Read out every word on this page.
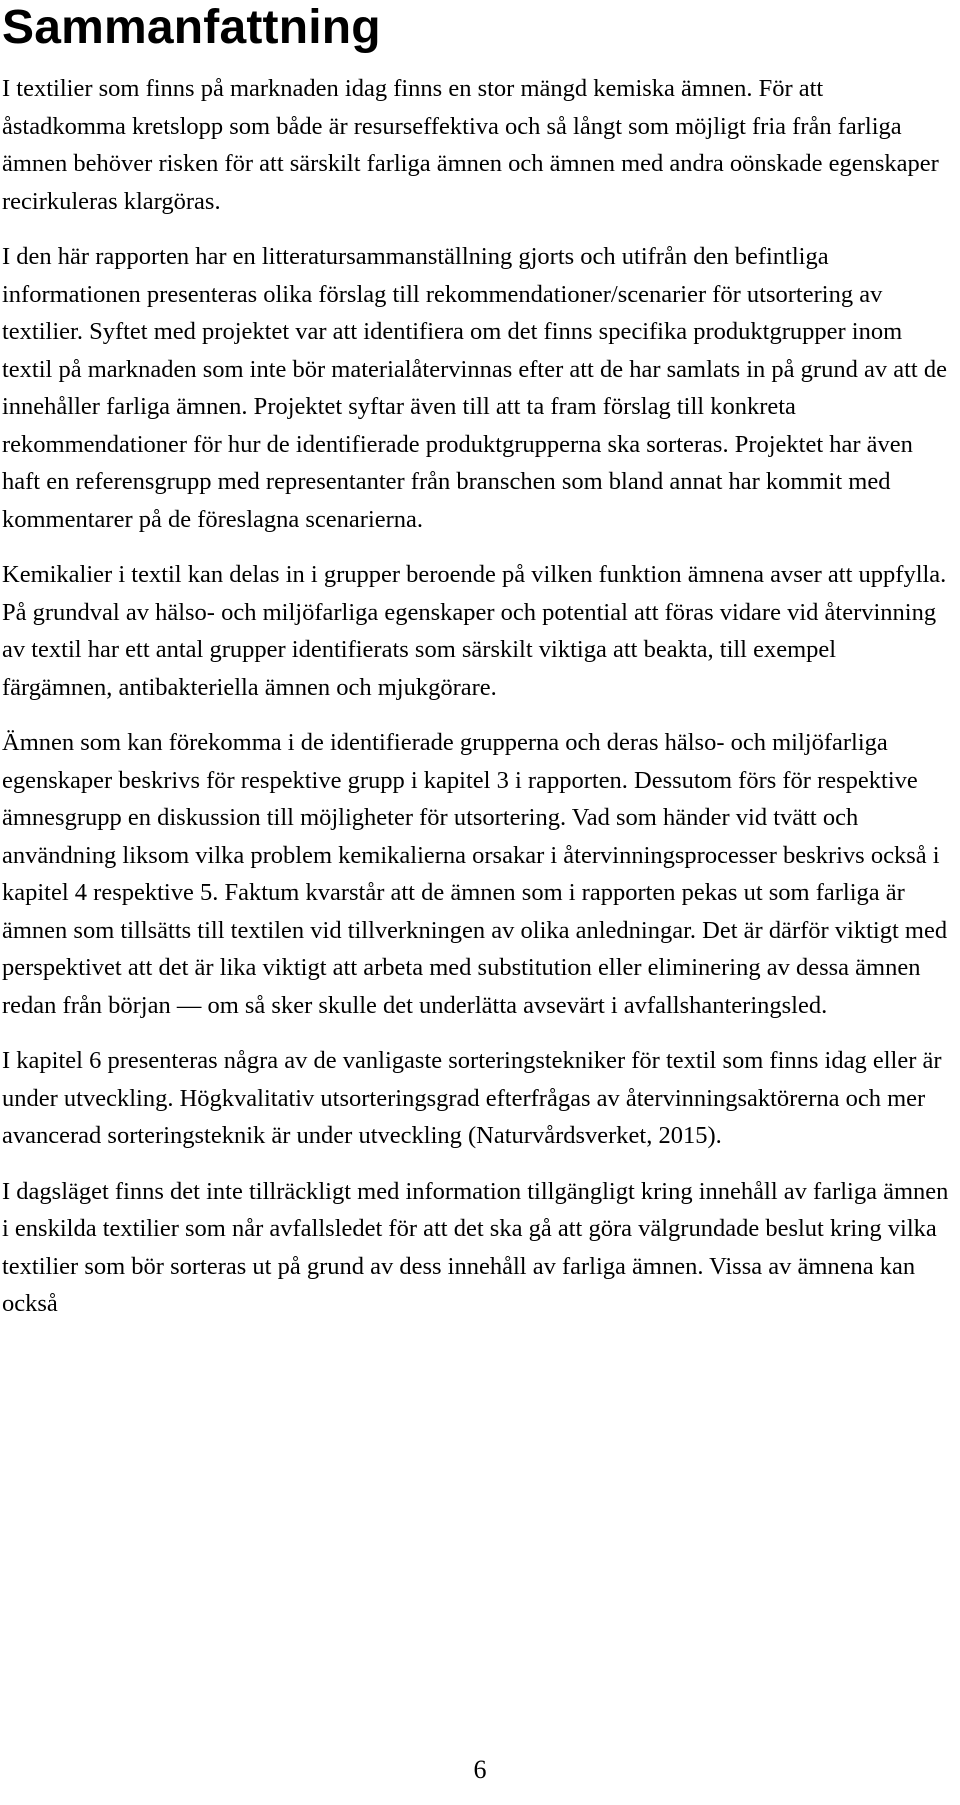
Sammanfattning

I textilier som finns på marknaden idag finns en stor mängd kemiska ämnen. För att åstadkomma kretslopp som både är resurseffektiva och så långt som möjligt fria från farliga ämnen behöver risken för att särskilt farliga ämnen och ämnen med andra oönskade egenskaper recirkuleras klargöras.

I den här rapporten har en litteratursammanställning gjorts och utifrån den befintliga informationen presenteras olika förslag till rekommendationer/scenarier för utsortering av textilier. Syftet med projektet var att identifiera om det finns specifika produktgrupper inom textil på marknaden som inte bör materialåtervinnas efter att de har samlats in på grund av att de innehåller farliga ämnen. Projektet syftar även till att ta fram förslag till konkreta rekommendationer för hur de identifierade produktgrupperna ska sorteras. Projektet har även haft en referensgrupp med representanter från branschen som bland annat har kommit med kommentarer på de föreslagna scenarierna.

Kemikalier i textil kan delas in i grupper beroende på vilken funktion ämnena avser att uppfylla. På grundval av hälso- och miljöfarliga egenskaper och potential att föras vidare vid återvinning av textil har ett antal grupper identifierats som särskilt viktiga att beakta, till exempel färgämnen, antibakteriella ämnen och mjukgörare.

Ämnen som kan förekomma i de identifierade grupperna och deras hälso- och miljöfarliga egenskaper beskrivs för respektive grupp i kapitel 3 i rapporten. Dessutom förs för respektive ämnesgrupp en diskussion till möjligheter för utsortering. Vad som händer vid tvätt och användning liksom vilka problem kemikalierna orsakar i återvinningsprocesser beskrivs också i kapitel 4 respektive 5. Faktum kvarstår att de ämnen som i rapporten pekas ut som farliga är ämnen som tillsätts till textilen vid tillverkningen av olika anledningar. Det är därför viktigt med perspektivet att det är lika viktigt att arbeta med substitution eller eliminering av dessa ämnen redan från början — om så sker skulle det underlätta avsevärt i avfallshanteringsled.

I kapitel 6 presenteras några av de vanligaste sorteringstekniker för textil som finns idag eller är under utveckling. Högkvalitativ utsorteringsgrad efterfrågas av återvinningsaktörerna och mer avancerad sorteringsteknik är under utveckling (Naturvårdsverket, 2015).

I dagsläget finns det inte tillräckligt med information tillgängligt kring innehåll av farliga ämnen i enskilda textilier som når avfallsledet för att det ska gå att göra välgrundade beslut kring vilka textilier som bör sorteras ut på grund av dess innehåll av farliga ämnen. Vissa av ämnena kan också

6
